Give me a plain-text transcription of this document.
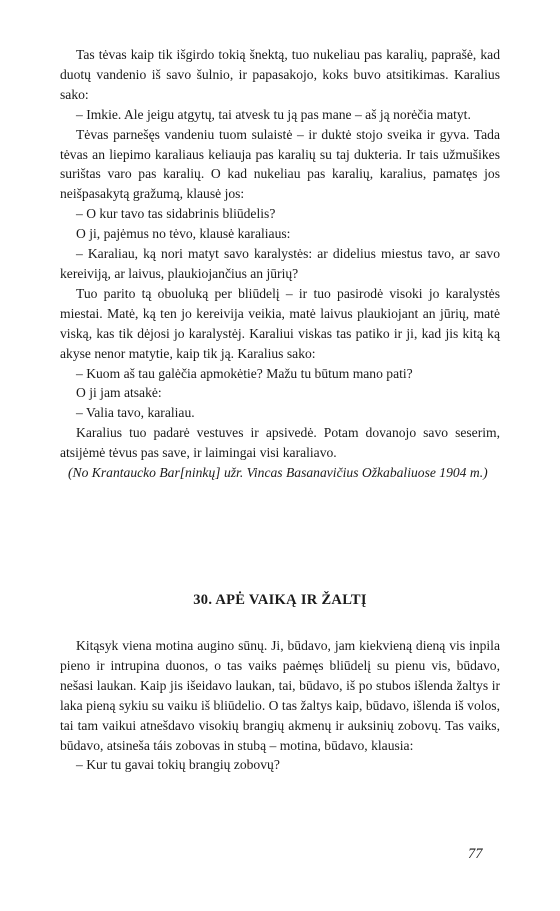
Tas tėvas kaip tik išgirdo tokią šnektą, tuo nukeliau pas karalių, paprašė, kad duotų vandenio iš savo šulnio, ir papasakojo, koks buvo atsitikimas. Karalius sako:

– Imkie. Ale jeigu atgytų, tai atvesk tu ją pas mane – aš ją norėčia matyt.

Tėvas parnešęs vandeniu tuom sulaistė – ir duktė stojo sveika ir gyva. Tada tėvas an liepimo karaliaus keliauja pas karalių su taj dukteria. Ir tais užmušikes surištas varo pas karalių. O kad nukeliau pas karalių, karalius, pamatęs jos neišpasakytą gražumą, klausė jos:

– O kur tavo tas sidabrinis bliūdelis?

O ji, pajėmus no tėvo, klausė karaliaus:

– Karaliau, ką nori matyt savo karalystės: ar didelius miestus tavo, ar savo kereiviją, ar laivus, plaukiojančius an jūrių?

Tuo parito tą obuoluką per bliūdelį – ir tuo pasirodė visoki jo karalystės miestai. Matė, ką ten jo kereivija veikia, matė laivus plaukiojant an jūrių, matė viską, kas tik dėjosi jo karalystėj. Karaliui viskas tas patiko ir ji, kad jis kitą ką akyse nenor matytie, kaip tik ją. Karalius sako:

– Kuom aš tau galėčia apmokėtie? Mažu tu būtum mano pati?

O ji jam atsakė:

– Valia tavo, karaliau.

Karalius tuo padarė vestuves ir apsivedė. Potam dovanojo savo seserim, atsijėmė tėvus pas save, ir laimingai visi karaliavo.

(No Krantaucko Bar[ninkų] užr. Vincas Basanavičius Ožkabaliuose 1904 m.)

30. APĖ VAIKĄ IR ŽALTĮ

Kitąsyk viena motina augino sūnų. Ji, būdavo, jam kiekvieną dieną vis inpila pieno ir intrupina duonos, o tas vaiks paėmęs bliūdelį su pienu vis, būdavo, nešasi laukan. Kaip jis išeidavo laukan, tai, būdavo, iš po stubos išlenda žaltys ir laka pieną sykiu su vaiku iš bliūdelio. O tas žaltys kaip, būdavo, išlenda iš volos, tai tam vaikui atnešdavo visokių brangių akmenų ir auksinių zobovų. Tas vaiks, būdavo, atsineša táis zobovas in stubą – motina, būdavo, klausia:

– Kur tu gavai tokių brangių zobovų?

77
